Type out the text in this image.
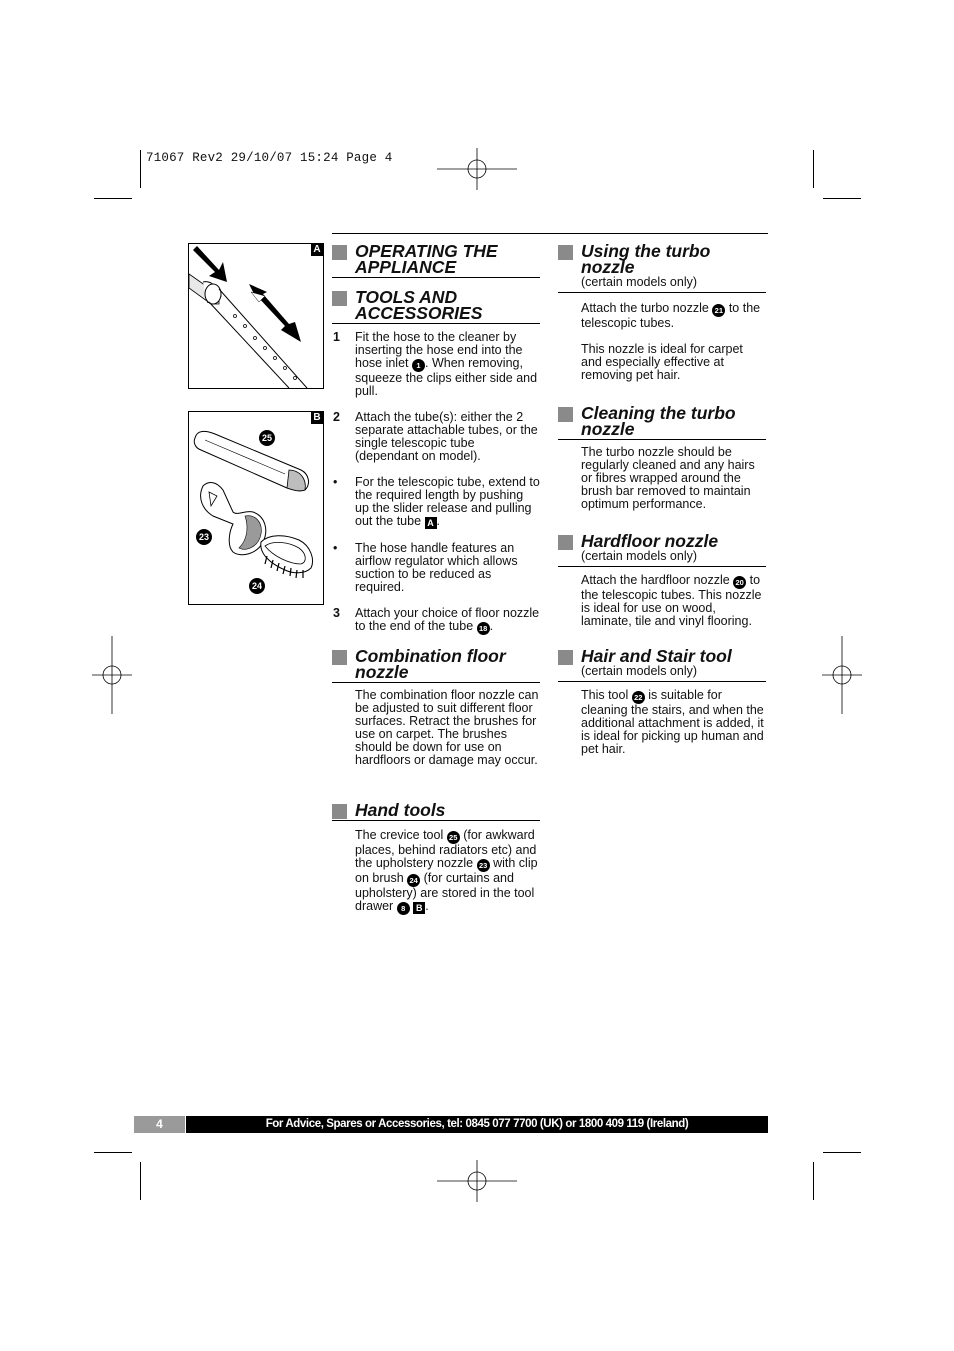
71067 Rev2 29/10/07 15:24 Page 4
A
B
25
23
24
OPERATING THE
APPLIANCE
TOOLS AND
ACCESSORIES
1 Fit the hose to the cleaner by inserting the hose end into the hose inlet 1 . When removing, squeeze the clips either side and pull.
2 Attach the tube(s): either the 2 separate attachable tubes, or the single telescopic tube (dependant on model).
• For the telescopic tube, extend to the required length by pushing up the slider release and pulling out the tube A .
• The hose handle features an airflow regulator which allows suction to be reduced as required.
3 Attach your choice of floor nozzle to the end of the tube 18 .
Combination floor
nozzle
The combination floor nozzle can be adjusted to suit different floor surfaces. Retract the brushes for use on carpet. The brushes should be down for use on hardfloors or damage may occur.
Hand tools
The crevice tool 25 (for awkward places, behind radiators etc) and the upholstery nozzle 23 with clip on brush 24 (for curtains and upholstery) are stored in the tool drawer 8 B .
Using the turbo
nozzle
(certain models only)
Attach the turbo nozzle 21 to the telescopic tubes.
This nozzle is ideal for carpet and especially effective at removing pet hair.
Cleaning the turbo
nozzle
The turbo nozzle should be regularly cleaned and any hairs or fibres wrapped around the brush bar removed to maintain optimum performance.
Hardfloor nozzle
(certain models only)
Attach the hardfloor nozzle 20 to the telescopic tubes. This nozzle is ideal for use on wood, laminate, tile and vinyl flooring.
Hair and Stair tool
(certain models only)
This tool 22 is suitable for cleaning the stairs, and when the additional attachment is added, it is ideal for picking up human and pet hair.
4	For Advice, Spares or Accessories, tel: 0845 077 7700 (UK) or 1800 409 119 (Ireland)
